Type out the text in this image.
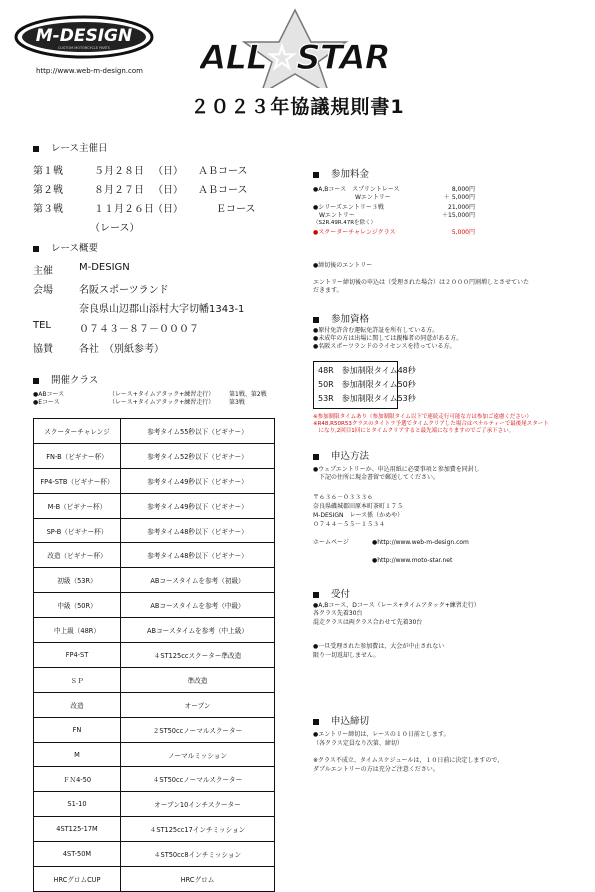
M-DESIGN
CUSTOM MOTORCYCLE PARTS
http://www.web-m-design.com ALL☆STAR
２０２３年協議規則書1
レース主催日
第１戦	５月２８日 （日） ＡＢコース
第２戦	８月２７日 （日） ＡＢコース
第３戦	１１月２６日 （日）	Ｅコース
（レース）
レース概要
主催	M-DESIGN
会場	名阪スポーツランド
奈良県山辺郡山添村大字切幡1343-1
TEL	０７４３－８７－０００７
協賛	各社　（別紙参考）
開催クラス
●ABコース	（レース+タイムアタック+練習走行） 第1戦、第2戦
●Eコース	（レース+タイムアタック+練習走行） 第3戦
スクーターチャレンジ	参考タイム55秒以下（ビギナー）
FN-B（ビギナー杯）	参考タイム52秒以下（ビギナー）
FP4-STB（ビギナー杯）	参考タイム49秒以下（ビギナー）
M-B（ビギナー杯）	参考タイム49秒以下（ビギナー）
SP-B（ビギナー杯）	参考タイム48秒以下（ビギナー）
改造（ビギナー杯）	参考タイム48秒以下（ビギナー）
初級（53R）	ABコースタイムを参考（初級）
中級（50R）	ABコースタイムを参考（中級）
中上級（48R）	ABコースタイムを参考（中上級）
FP4-ST	４ST125ccスクーター準改造
ＳＰ	準改造
改造	オープン
FN	２ST50ccノーマルスクーター
M	ノーマルミッション
ＦＮ4-50	４ST50ccノーマルスクーター
S1-10	オープン10インチスクーター
4ST125-17M	４ST125cc17インチミッション
4ST-50M	４ST50cc8インチミッション
HRCグロムCUP	HRCグロム
参加料金
●A,Bコース　スプリントレース	8,000円
　　　　　　　Wエントリー	＋ 5,000円
●シリーズエントリー３戦	21,000円
　Wエントリー	＋15,000円
（S2R.49R.47Rを除く）
●スクーターチャレンジクラス	5,000円
●締切後のエントリー
エントリー締切後の申込は（受理された場合）は２０００円割増しとさせていた
だきます。
参加資格
●原付免許含む運転免許証を所有している方。
●未成年の方は出場に関しては親権者の同意がある方。
●名阪スポーツランドのライセンスを持っている方。
48R　参加制限タイム48秒
50R　参加制限タイム50秒
53R　参加制限タイム53秒
※参加制限タイムあり（参加制限タイム以下で連続走行可能な方は参加ご遠慮ください）
※R48,R50R53クラスのタイトラ予選でタイムクリアした場合はペナルティーで最後尾スタート
　になり,2回目1回にとタイムクリアすると最先端になりますのでご了承下さい。
申込方法
●ウェブエントリーか、申込用紙に必要事項と参加費を同封し
　下記の住所に現金書留で郵送してください。
〒６３６－０３３３６
奈良県磯城郡田原本町茶町１７５
M-DESIGN　レース係（かめや）
０７４４－５５－１５３４
ホームページ	●http://www.web-m-design.com
●http://www.moto-star.net
受付
●A,Bコース、Dコース（レース+タイムアタック+練習走行）
各クラス先着30台
混走クラスは両クラス合わせて先着30台
●一旦受理された参加費は、大会が中止されない
限り一切返却しません。
申込締切
●エントリー締切は、レースの１０日前とします。
（各クラス定員なり次第、締切）
※クラス不成立、タイムスケジュールは、１０日前に決定しますので、
ダブルエントリーの方は充分ご注意ください。
